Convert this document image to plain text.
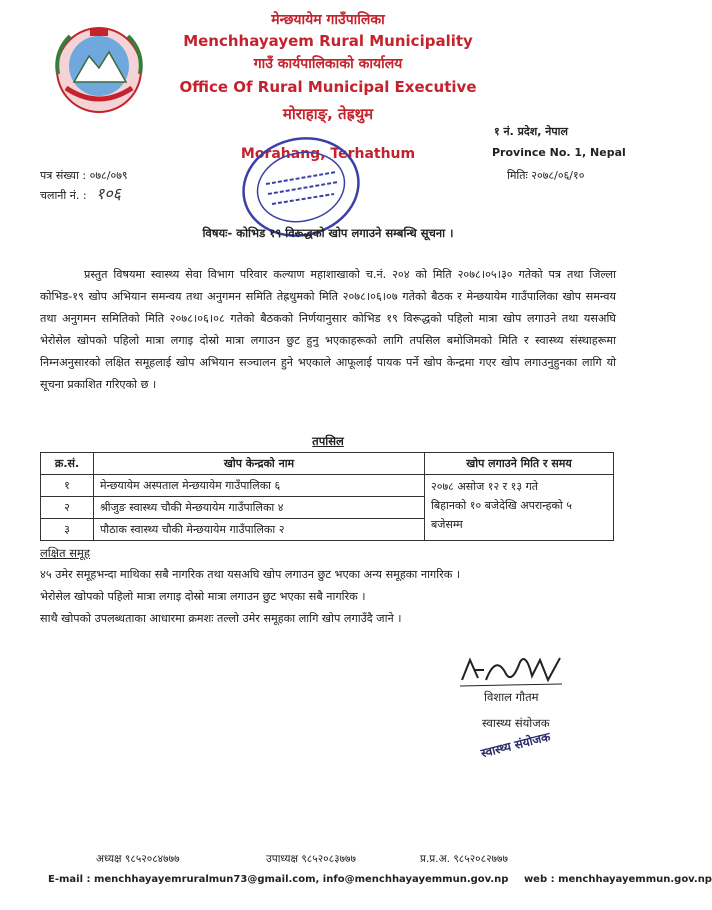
मेन्छयायेम गाउँपालिका
Menchhayayem Rural Municipality
गाउँ कार्यपालिकाको कार्यालय
Office Of Rural Municipal Executive
मोराहाङ्, तेह्रथुम
Morahang, Terhathum
१ नं. प्रदेश, नेपाल
Province No. 1, Nepal
मितिः २०७८/०६/१०
पत्र संख्या : ०७८/०७९
चलानी नं. : १०६
विषयः- कोभिड १९ विरूद्धको खोप लगाउने सम्बन्धि सूचना ।
प्रस्तुत विषयमा स्वास्थ्य सेवा विभाग परिवार कल्याण महाशाखाको च.नं. २०४ को मिति २०७८।०५।३० गतेको पत्र तथा जिल्ला कोभिड-१९ खोप अभियान समन्वय तथा अनुगमन समिति तेह्रथुमको मिति २०७८।०६।०७ गतेको बैठक र मेन्छयायेम गाउँपालिका खोप समन्वय तथा अनुगमन समितिको मिति २०७८।०६।०८ गतेको बैठकको निर्णयानुसार कोभिड १९ विरूद्धको पहिलो मात्रा खोप लगाउने तथा यसअघि भेरोसेल खोपको पहिलो मात्रा लगाइ दोस्रो मात्रा लगाउन छुट हुनु भएकाहरूको लागि तपसिल बमोजिमको मिति र स्वास्थ्य संस्थाहरूमा निम्नअनुसारको लक्षित समूहलाई खोप अभियान सञ्चालन हुने भएकाले आफूलाई पायक पर्ने खोप केन्द्रमा गएर खोप लगाउनुहुनका लागि यो सूचना प्रकाशित गरिएको छ ।
तपसिल
क्र.सं.	खोप केन्द्रको नाम	खोप लगाउने मिति र समय
१	मेन्छयायेम अस्पताल मेन्छयायेम गाउँपालिका ६	२०७८ असोज १२ र १३ गते
बिहानको १० बजेदेखि अपरान्हको ५
बजेसम्म

२	श्रीजुङ स्वास्थ्य चौकी मेन्छयायेम गाउँपालिका ४	
३	पौठाक स्वास्थ्य चौकी मेन्छयायेम गाउँपालिका २	
लक्षित समूह
४५ उमेर समूहभन्दा माथिका सबै नागरिक तथा यसअघि खोप लगाउन छुट भएका अन्य समूहका नागरिक ।
भेरोसेल खोपको पहिलो मात्रा लगाइ दोस्रो मात्रा लगाउन छुट भएका सबै नागरिक ।
साथै खोपको उपलब्धताका आधारमा क्रमशः तल्लो उमेर समूहका लागि खोप लगाउँदै जाने ।
विशाल गौतम
स्वास्थ्य संयोजक
स्वास्थ्य संयोजक
अध्यक्ष ९८५२०८४७७७	उपाध्यक्ष ९८५२०८३७७७	प्र.प्र.अ. ९८५२०८२७७७
E-mail : menchhayayemruralmun73@gmail.com, info@menchhayayemmun.gov.np web : menchhayayemmun.gov.np
